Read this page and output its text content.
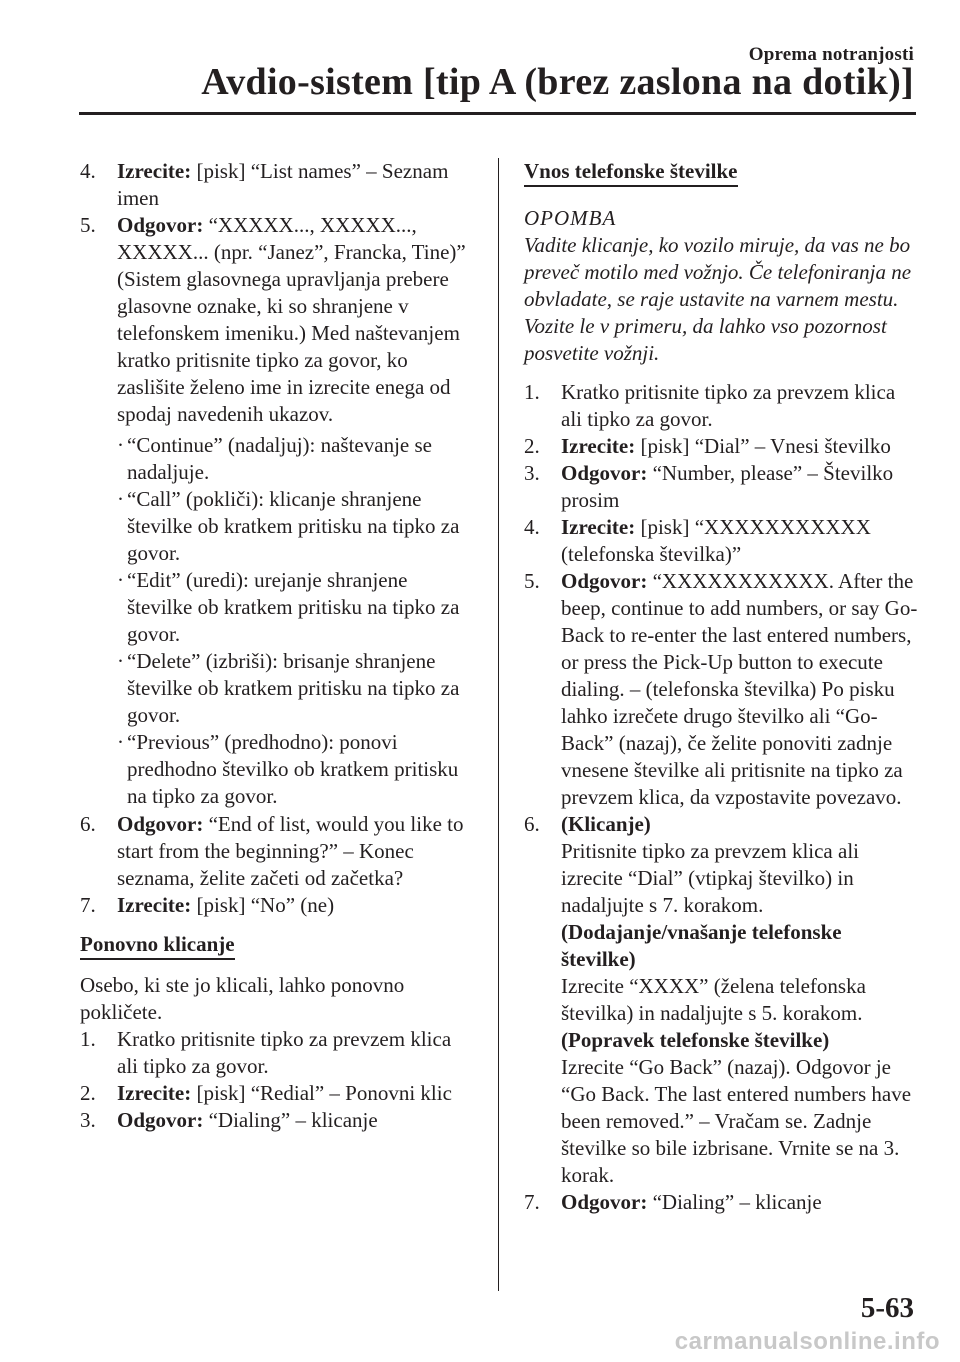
Oprema notranjosti
Avdio-sistem [tip A (brez zaslona na dotik)]
4.	Izrecite: [pisk] “List names” – Seznam imen
5.	Odgovor: “XXXXX..., XXXXX..., XXXXX... (npr. “Janez”, Francka, Tine)” (Sistem glasovnega upravljanja prebere glasovne oznake, ki so shranjene v telefonskem imeniku.) Med naštevanjem kratko pritisnite tipko za govor, ko zaslišite želeno ime in izrecite enega od spodaj navedenih ukazov.
· “Continue” (nadaljuj): naštevanje se nadaljuje.
· “Call” (pokliči): klicanje shranjene številke ob kratkem pritisku na tipko za govor.
· “Edit” (uredi): urejanje shranjene številke ob kratkem pritisku na tipko za govor.
· “Delete” (izbriši): brisanje shranjene številke ob kratkem pritisku na tipko za govor.
· “Previous” (predhodno): ponovi predhodno številko ob kratkem pritisku na tipko za govor.
6.	Odgovor: “End of list, would you like to start from the beginning?” – Konec seznama, želite začeti od začetka?
7.	Izrecite: [pisk] “No” (ne)
Ponovno klicanje

Osebo, ki ste jo klicali, lahko ponovno pokličete.

1.	Kratko pritisnite tipko za prevzem klica ali tipko za govor.
2.	Izrecite: [pisk] “Redial” – Ponovni klic
3.	Odgovor: “Dialing” – klicanje
Vnos telefonske številke

OPOMBA

Vadite klicanje, ko vozilo miruje, da vas ne bo preveč motilo med vožnjo. Če telefoniranja ne obvladate, se raje ustavite na varnem mestu. Vozite le v primeru, da lahko vso pozornost posvetite vožnji.

1.	Kratko pritisnite tipko za prevzem klica ali tipko za govor.
2.	Izrecite: [pisk] “Dial” – Vnesi številko
3.	Odgovor: “Number, please” – Številko prosim
4.	Izrecite: [pisk] “XXXXXXXXXXX (telefonska številka)”
5.	Odgovor: “XXXXXXXXXXX. After the beep, continue to add numbers, or say Go-Back to re-enter the last entered numbers, or press the Pick-Up button to execute dialing. – (telefonska številka) Po pisku lahko izrečete drugo številko ali “Go-Back” (nazaj), če želite ponoviti zadnje vnesene številke ali pritisnite na tipko za prevzem klica, da vzpostavite povezavo.
6.	(Klicanje)
Pritisnite tipko za prevzem klica ali izrecite “Dial” (vtipkaj številko) in nadaljujte s 7. korakom.
(Dodajanje/vnašanje telefonske številke)
Izrecite “XXXX” (želena telefonska številka) in nadaljujte s 5. korakom.
(Popravek telefonske številke)
Izrecite “Go Back” (nazaj). Odgovor je “Go Back. The last entered numbers have been removed.” – Vračam se. Zadnje številke so bile izbrisane. Vrnite se na 3. korak.
7.	Odgovor: “Dialing” – klicanje
5-63
carmanualsonline.info
